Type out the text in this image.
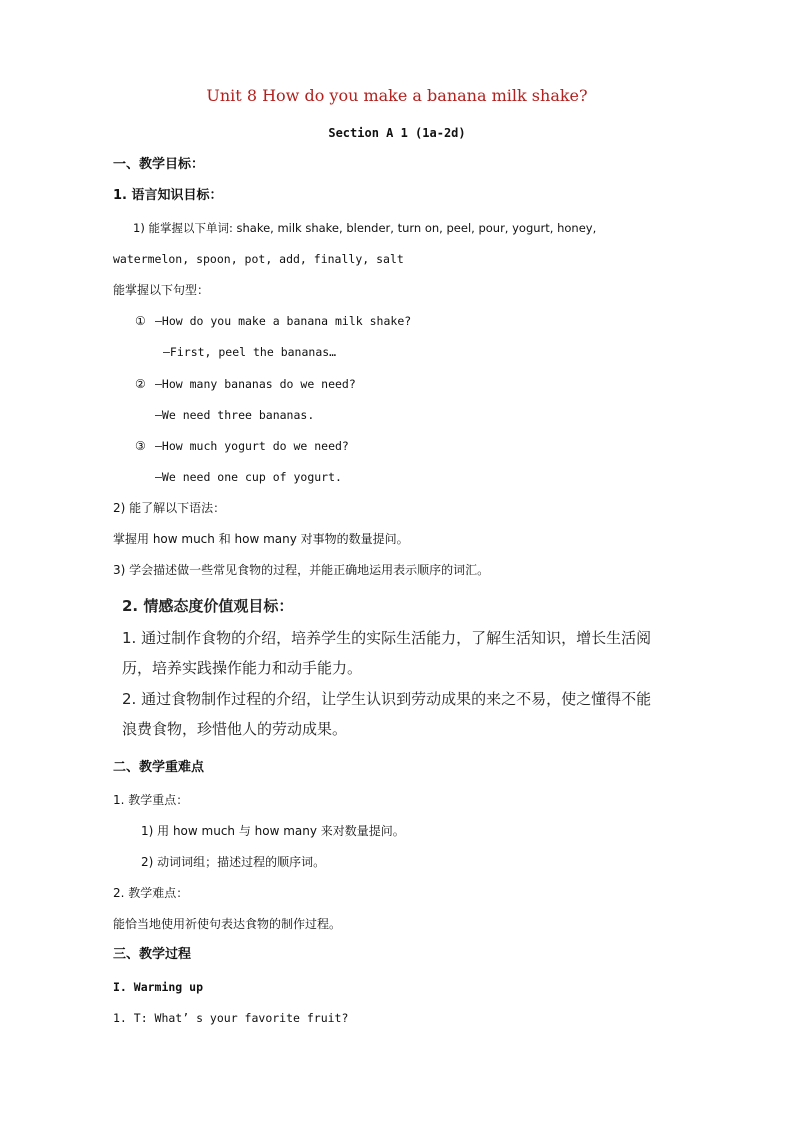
Unit 8 How do you make a banana milk shake?
Section A 1 (1a-2d)
一、教学目标：
1. 语言知识目标：
1) 能掌握以下单词: shake, milk shake, blender, turn on, peel, pour, yogurt, honey,
watermelon, spoon, pot, add, finally, salt
能掌握以下句型：
① —How do you make a banana milk shake?
—First, peel the bananas…
② —How many bananas do we need?
—We need three bananas.
③ —How much yogurt do we need?
—We need one cup of yogurt.
2) 能了解以下语法：
掌握用 how much 和 how many 对事物的数量提问。
3) 学会描述做一些常见食物的过程，并能正确地运用表示顺序的词汇。
2. 情感态度价值观目标：
1. 通过制作食物的介绍，培养学生的实际生活能力，了解生活知识，增长生活阅
历，培养实践操作能力和动手能力。
2. 通过食物制作过程的介绍，让学生认识到劳动成果的来之不易，使之懂得不能
浪费食物，珍惜他人的劳动成果。
二、教学重难点
1. 教学重点：
1) 用 how much 与 how many 来对数量提问。
2) 动词词组；描述过程的顺序词。
2. 教学难点：
能恰当地使用祈使句表达食物的制作过程。
三、教学过程
I. Warming up
1. T: What’ s your favorite fruit?
